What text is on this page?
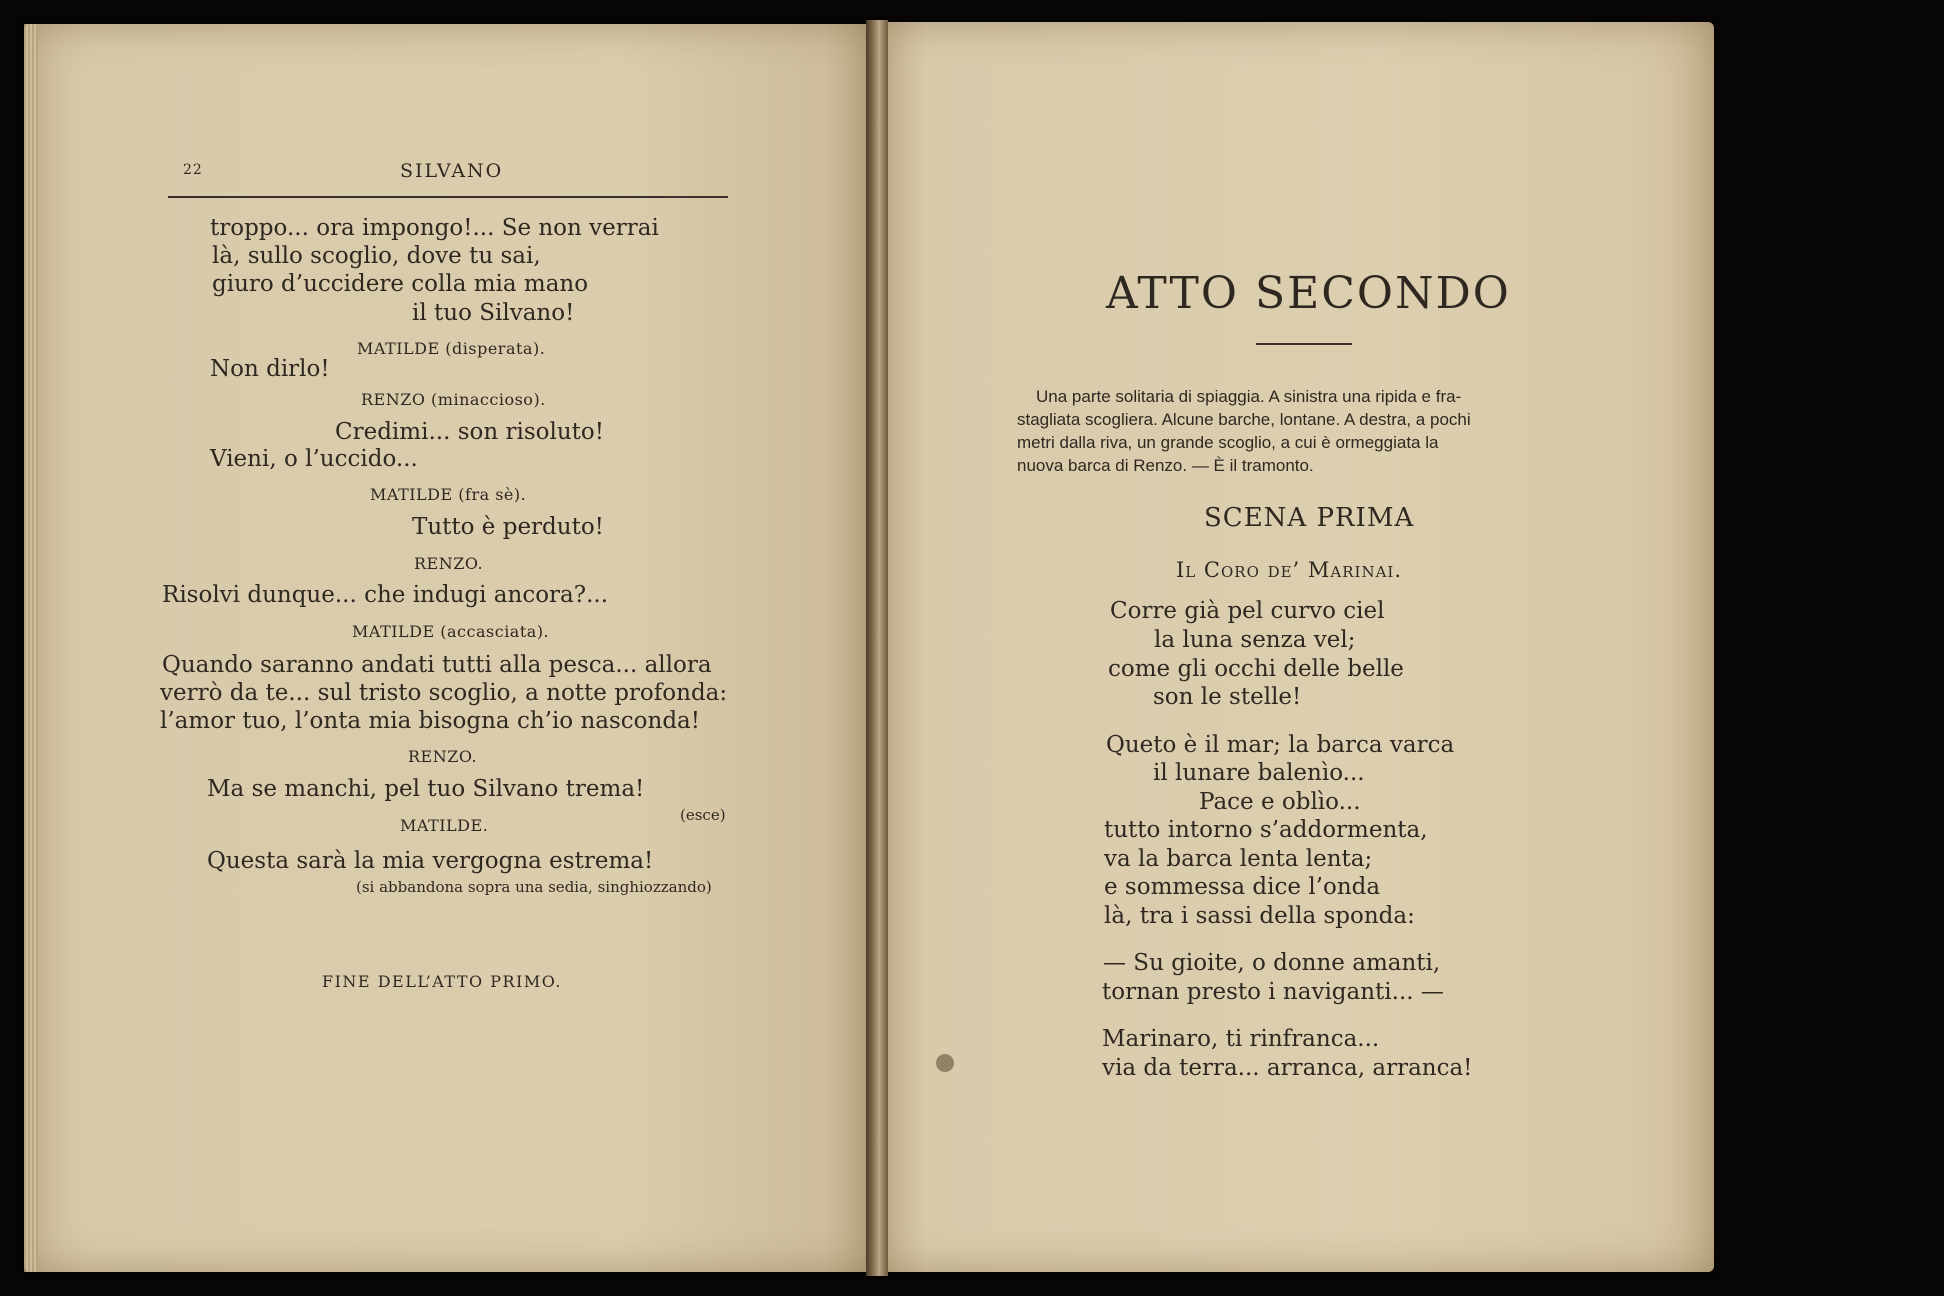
22	SILVANO
troppo... ora impongo!... Se non verrai
là, sullo scoglio, dove tu sai,
giuro d’uccidere colla mia mano
il tuo Silvano!
MATILDE (disperata).
Non dirlo!
RENZO (minaccioso).
Credimi... son risoluto!
Vieni, o l’uccido...
MATILDE (fra sè).
Tutto è perduto!
RENZO.
Risolvi dunque... che indugi ancora?...
MATILDE (accasciata).
Quando saranno andati tutti alla pesca... allora
verrò da te... sul tristo scoglio, a notte profonda:
l’amor tuo, l’onta mia bisogna ch’io nasconda!
RENZO.
Ma se manchi, pel tuo Silvano trema!
(esce)
MATILDE.
Questa sarà la mia vergogna estrema!
(si abbandona sopra una sedia, singhiozzando)
FINE DELL’ATTO PRIMO.
ATTO SECONDO
Una parte solitaria di spiaggia. A sinistra una ripida e fra-
stagliata scogliera. Alcune barche, lontane. A destra, a pochi
metri dalla riva, un grande scoglio, a cui è ormeggiata la
nuova barca di Renzo. — È il tramonto.
SCENA PRIMA
Il Coro de’ Marinai.
Corre già pel curvo ciel
la luna senza vel;
come gli occhi delle belle
son le stelle!
Queto è il mar; la barca varca
il lunare balenìo...
Pace e oblìo...
tutto intorno s’addormenta,
va la barca lenta lenta;
e sommessa dice l’onda
là, tra i sassi della sponda:
— Su gioite, o donne amanti,
tornan presto i naviganti... —
Marinaro, ti rinfranca...
via da terra... arranca, arranca!
